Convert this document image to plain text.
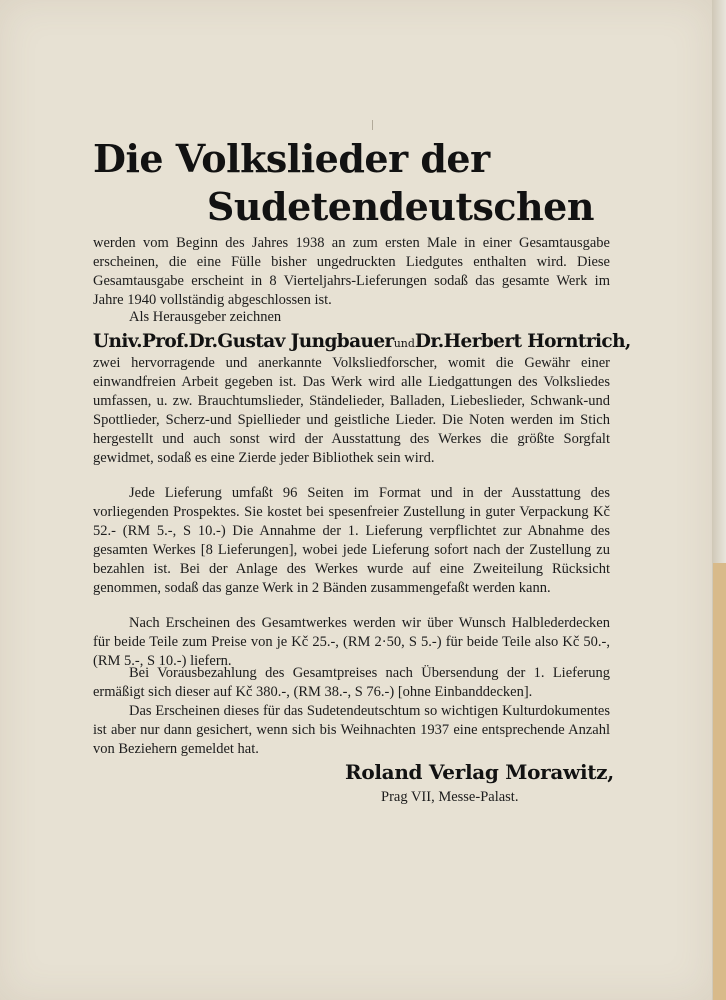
Die Volkslieder der
Sudetendeutschen
werden vom Beginn des Jahres 1938 an zum ersten Male in einer Gesamtausgabe erscheinen, die eine Fülle bisher ungedruckten Liedgutes enthalten wird. Diese Gesamtausgabe erscheint in 8 Vierteljahrs-Lieferungen sodaß das gesamte Werk im Jahre 1940 vollständig abgeschlossen ist.
Als Herausgeber zeichnen
Univ.Prof.Dr.Gustav JungbauerundDr.Herbert Horntrich,
zwei hervorragende und anerkannte Volksliedforscher, womit die Gewähr einer einwandfreien Arbeit gegeben ist. Das Werk wird alle Liedgattungen des Volksliedes umfassen, u. zw. Brauchtumslieder, Ständelieder, Balladen, Liebeslieder, Schwank-und Spottlieder, Scherz-und Spiellieder und geistliche Lieder. Die Noten werden im Stich hergestellt und auch sonst wird der Ausstattung des Werkes die größte Sorgfalt gewidmet, sodaß es eine Zierde jeder Bibliothek sein wird.
Jede Lieferung umfaßt 96 Seiten im Format und in der Ausstattung des vorliegenden Prospektes. Sie kostet bei spesenfreier Zustellung in guter Verpackung Kč 52.- (RM 5.-, S 10.-) Die Annahme der 1. Lieferung verpflichtet zur Abnahme des gesamten Werkes [8 Lieferungen], wobei jede Lieferung sofort nach der Zustellung zu bezahlen ist. Bei der Anlage des Werkes wurde auf eine Zweiteilung Rücksicht genommen, sodaß das ganze Werk in 2 Bänden zusammengefaßt werden kann.
Nach Erscheinen des Gesamtwerkes werden wir über Wunsch Halblederdecken für beide Teile zum Preise von je Kč 25.-, (RM 2·50, S 5.-) für beide Teile also Kč 50.-, (RM 5.-, S 10.-) liefern.
Bei Vorausbezahlung des Gesamtpreises nach Übersendung der 1. Lieferung ermäßigt sich dieser auf Kč 380.-, (RM 38.-, S 76.-) [ohne Einbanddecken].
Das Erscheinen dieses für das Sudetendeutschtum so wichtigen Kulturdokumentes ist aber nur dann gesichert, wenn sich bis Weihnachten 1937 eine entsprechende Anzahl von Beziehern gemeldet hat.
Roland Verlag Morawitz,
Prag VII, Messe-Palast.
